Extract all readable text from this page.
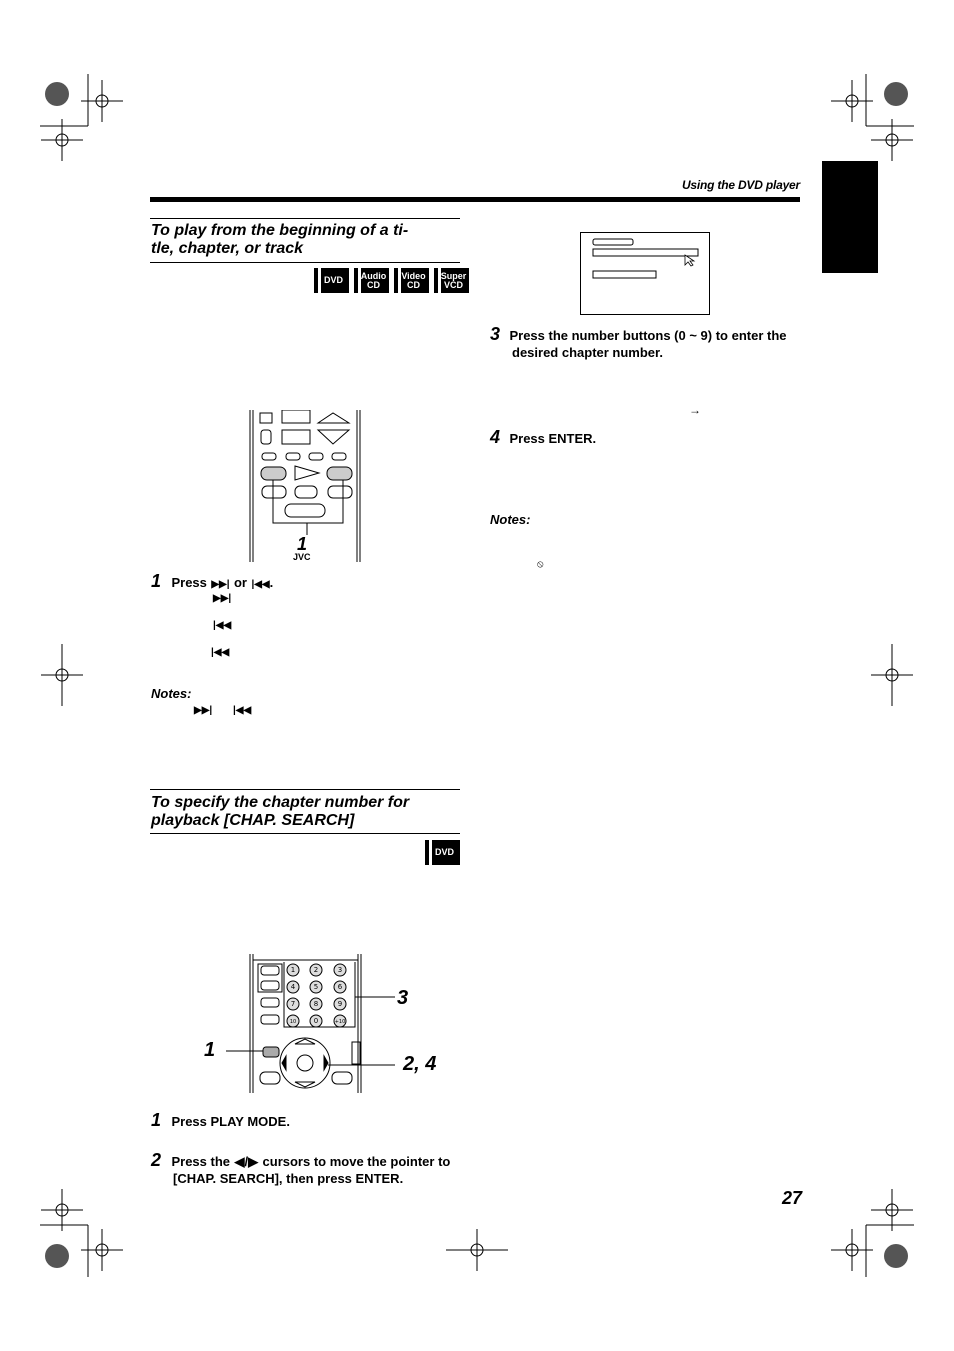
Using the DVD player
To play from the beginning of a ti-
tle, chapter, or track
DVD Audio
CD
Video
CD
Super
VCD
1
JVC
1 Press ▶▶| or |◀◀.
▶▶|
|◀◀
|◀◀
Notes:
▶▶| |◀◀
To specify the chapter number for
playback [CHAP. SEARCH]
DVD
1	2	3
4	5	6
7	8	9
10	0	+10
1
3
2, 4
1 Press PLAY MODE.
2 Press the ◀/▶ cursors to move the pointer to
[CHAP. SEARCH], then press ENTER.
3 Press the number buttons (0 ~ 9) to enter the
desired chapter number.
→
4 Press ENTER.
Notes:
⦸
27
